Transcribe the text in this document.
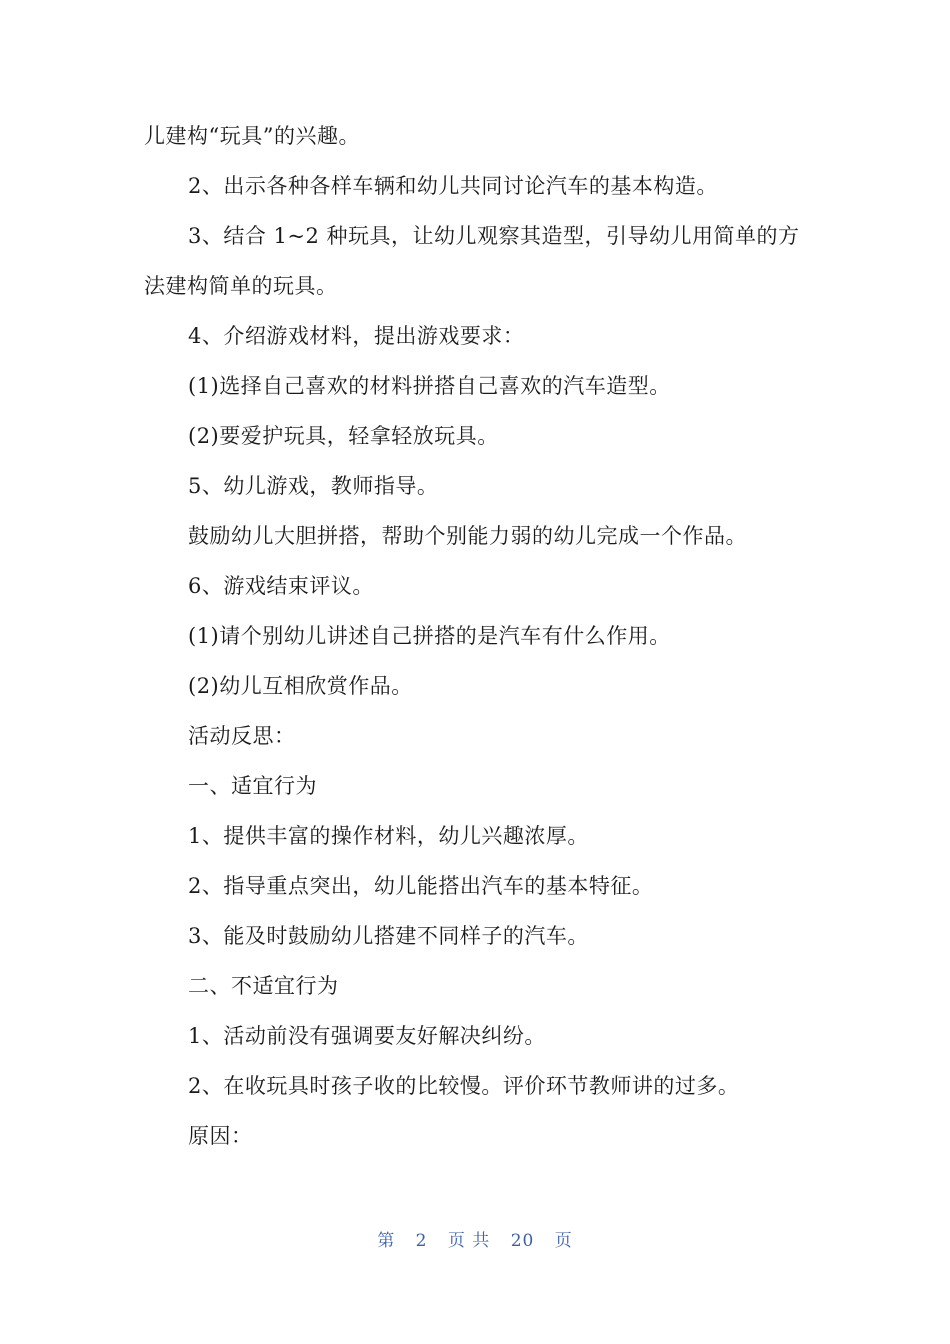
儿建构“玩具”的兴趣。
2、出示各种各样车辆和幼儿共同讨论汽车的基本构造。
3、结合 1~2 种玩具，让幼儿观察其造型，引导幼儿用简单的方
法建构简单的玩具。
4、介绍游戏材料，提出游戏要求：
(1)选择自己喜欢的材料拼搭自己喜欢的汽车造型。
(2)要爱护玩具，轻拿轻放玩具。
5、幼儿游戏，教师指导。
鼓励幼儿大胆拼搭，帮助个别能力弱的幼儿完成一个作品。
6、游戏结束评议。
(1)请个别幼儿讲述自己拼搭的是汽车有什么作用。
(2)幼儿互相欣赏作品。
活动反思：
一、适宜行为
1、提供丰富的操作材料，幼儿兴趣浓厚。
2、指导重点突出，幼儿能搭出汽车的基本特征。
3、能及时鼓励幼儿搭建不同样子的汽车。
二、不适宜行为
1、活动前没有强调要友好解决纠纷。
2、在收玩具时孩子收的比较慢。评价环节教师讲的过多。
原因：
第 2 页 共 20 页
